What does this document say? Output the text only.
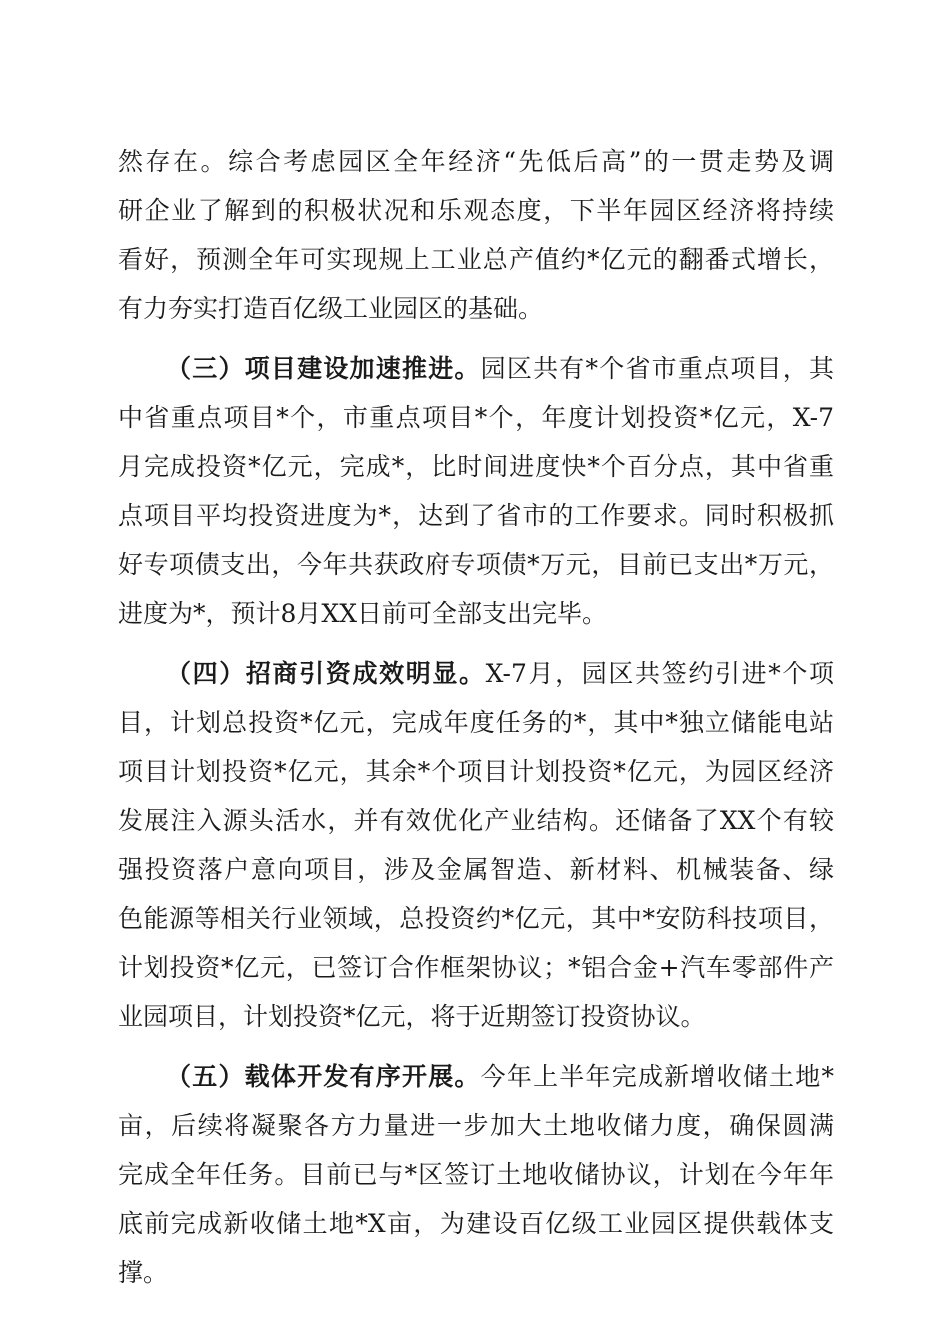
然存在。综合考虑园区全年经济“先低后高”的一贯走势及调
研企业了解到的积极状况和乐观态度，下半年园区经济将持续
看好，预测全年可实现规上工业总产值约*亿元的翻番式增长，
有力夯实打造百亿级工业园区的基础。
（三）项目建设加速推进。园区共有*个省市重点项目，其
中省重点项目*个，市重点项目*个，年度计划投资*亿元，X-7
月完成投资*亿元，完成*，比时间进度快*个百分点，其中省重
点项目平均投资进度为*，达到了省市的工作要求。同时积极抓
好专项债支出，今年共获政府专项债*万元，目前已支出*万元，
进度为*，预计8月XX日前可全部支出完毕。
（四）招商引资成效明显。X-7月，园区共签约引进*个项
目，计划总投资*亿元，完成年度任务的*，其中*独立储能电站
项目计划投资*亿元，其余*个项目计划投资*亿元，为园区经济
发展注入源头活水，并有效优化产业结构。还储备了XX个有较
强投资落户意向项目，涉及金属智造、新材料、机械装备、绿
色能源等相关行业领域，总投资约*亿元，其中*安防科技项目，
计划投资*亿元，已签订合作框架协议；*铝合金+汽车零部件产
业园项目，计划投资*亿元，将于近期签订投资协议。
（五）载体开发有序开展。今年上半年完成新增收储土地*
亩，后续将凝聚各方力量进一步加大土地收储力度，确保圆满
完成全年任务。目前已与*区签订土地收储协议，计划在今年年
底前完成新收储土地*X亩，为建设百亿级工业园区提供载体支
撑。
